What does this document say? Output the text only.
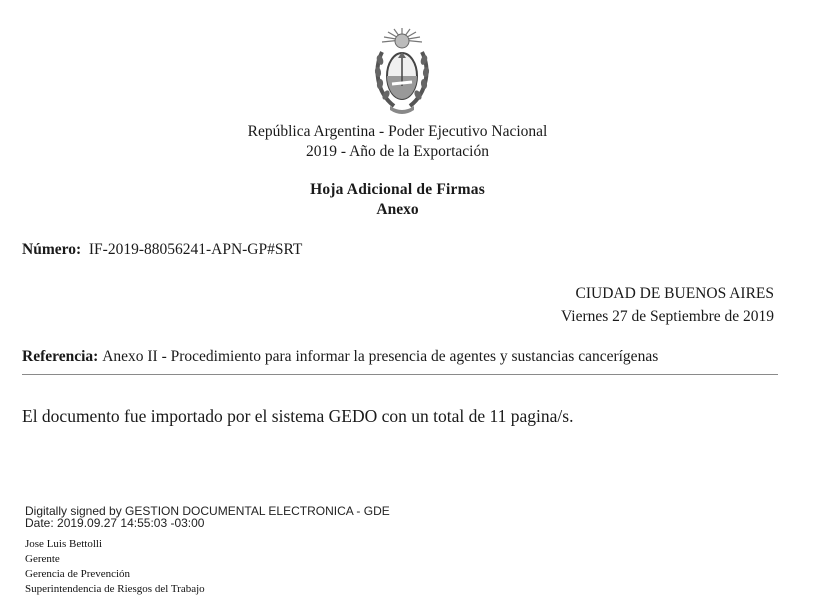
República Argentina - Poder Ejecutivo Nacional
2019 - Año de la Exportación
Hoja Adicional de Firmas
Anexo
Número: IF-2019-88056241-APN-GP#SRT
CIUDAD DE BUENOS AIRES
Viernes 27 de Septiembre de 2019
Referencia: Anexo II - Procedimiento para informar la presencia de agentes y sustancias cancerígenas
El documento fue importado por el sistema GEDO con un total de 11 pagina/s.
Digitally signed by GESTION DOCUMENTAL ELECTRONICA - GDE
Date: 2019.09.27 14:55:03 -03:00
Jose Luis Bettolli
Gerente
Gerencia de Prevención
Superintendencia de Riesgos del Trabajo
